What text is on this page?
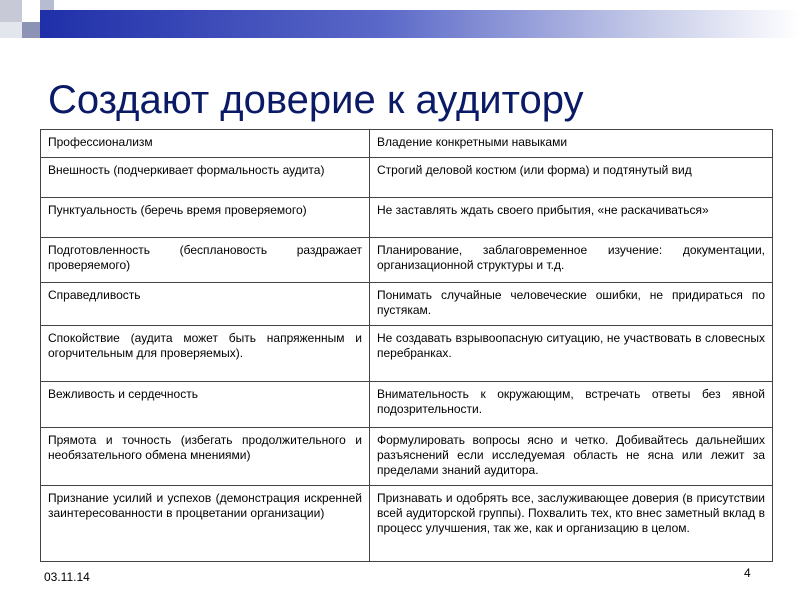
Создают доверие к аудитору
Профессионализм	Владение конкретными навыками
Внешность (подчеркивает формальность аудита)	Строгий деловой костюм (или форма) и подтянутый вид
Пунктуальность (беречь время проверяемого)	Не заставлять ждать своего прибытия, «не раскачиваться»
Подготовленность (бесплановость раздражает проверяемого)	Планирование, заблаговременное изучение: документации, организационной структуры и т.д.
Справедливость	Понимать случайные человеческие ошибки, не придираться по пустякам.
Спокойствие (аудита может быть напряженным и огорчительным для проверяемых).	Не создавать взрывоопасную ситуацию, не участвовать в словесных перебранках.
Вежливость и сердечность	Внимательность к окружающим, встречать ответы без явной подозрительности.
Прямота и точность (избегать продолжительного и необязательного обмена мнениями)	Формулировать вопросы ясно и четко. Добивайтесь дальнейших разъяснений если исследуемая область не ясна или лежит за пределами знаний аудитора.
Признание усилий и успехов (демонстрация искренней заинтересованности в процветании организации)	Признавать и одобрять все, заслуживающее доверия (в присутствии всей аудиторской группы). Похвалить тех, кто внес заметный вклад в процесс улучшения, так же, как и организацию в целом.
03.11.14	4
